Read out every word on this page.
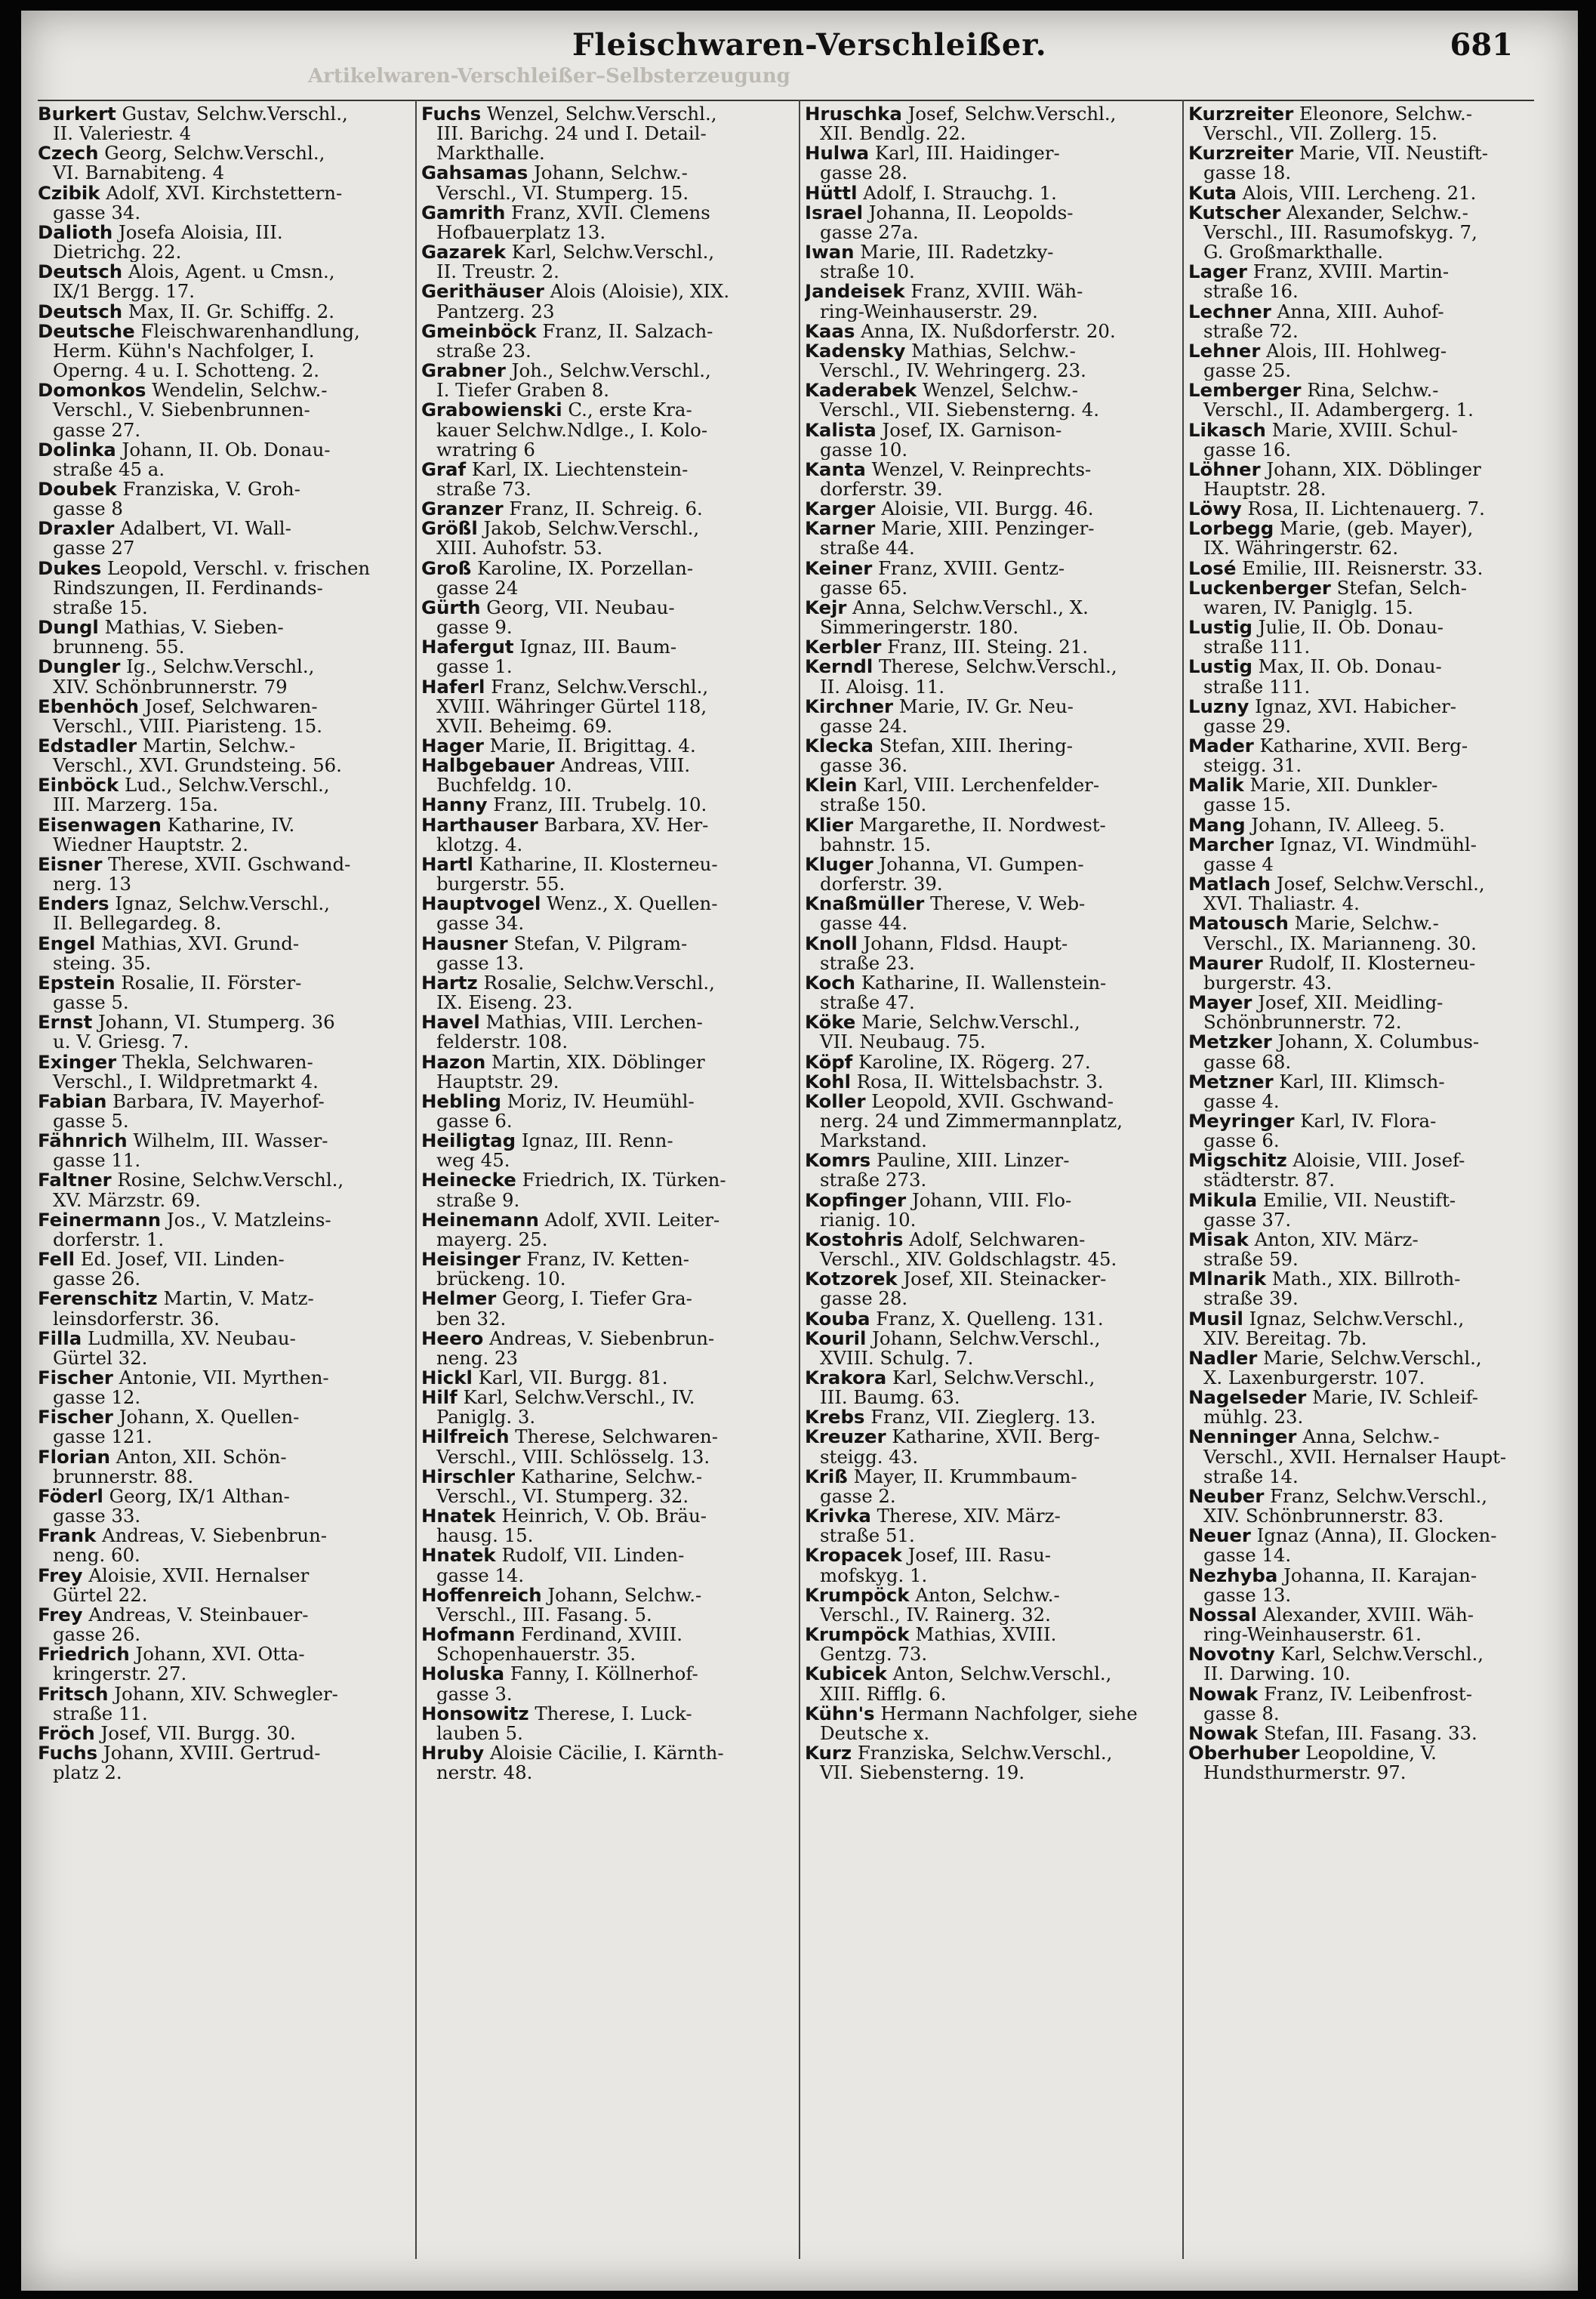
Artikelwaren-Verschleißer–Selbsterzeugung
Fleischwaren-Verschleißer.	681
Burkert Gustav, Selchw.Verschl.,
II. Valeriestr. 4
Czech Georg, Selchw.Verschl.,
VI. Barnabiteng. 4
Czibik Adolf, XVI. Kirchstettern-
gasse 34.
Dalioth Josefa Aloisia, III.
Dietrichg. 22.
Deutsch Alois, Agent. u Cmsn.,
IX/1 Bergg. 17.
Deutsch Max, II. Gr. Schiffg. 2.
Deutsche Fleischwarenhandlung,
Herm. Kühn's Nachfolger, I.
Operng. 4 u. I. Schotteng. 2.
Domonkos Wendelin, Selchw.-
Verschl., V. Siebenbrunnen-
gasse 27.
Dolinka Johann, II. Ob. Donau-
straße 45 a.
Doubek Franziska, V. Groh-
gasse 8
Draxler Adalbert, VI. Wall-
gasse 27
Dukes Leopold, Verschl. v. frischen
Rindszungen, II. Ferdinands-
straße 15.
Dungl Mathias, V. Sieben-
brunneng. 55.
Dungler Ig., Selchw.Verschl.,
XIV. Schönbrunnerstr. 79
Ebenhöch Josef, Selchwaren-
Verschl., VIII. Piaristeng. 15.
Edstadler Martin, Selchw.-
Verschl., XVI. Grundsteing. 56.
Einböck Lud., Selchw.Verschl.,
III. Marzerg. 15a.
Eisenwagen Katharine, IV.
Wiedner Hauptstr. 2.
Eisner Therese, XVII. Gschwand-
nerg. 13
Enders Ignaz, Selchw.Verschl.,
II. Bellegardeg. 8.
Engel Mathias, XVI. Grund-
steing. 35.
Epstein Rosalie, II. Förster-
gasse 5.
Ernst Johann, VI. Stumperg. 36
u. V. Griesg. 7.
Exinger Thekla, Selchwaren-
Verschl., I. Wildpretmarkt 4.
Fabian Barbara, IV. Mayerhof-
gasse 5.
Fähnrich Wilhelm, III. Wasser-
gasse 11.
Faltner Rosine, Selchw.Verschl.,
XV. Märzstr. 69.
Feinermann Jos., V. Matzleins-
dorferstr. 1.
Fell Ed. Josef, VII. Linden-
gasse 26.
Ferenschitz Martin, V. Matz-
leinsdorferstr. 36.
Filla Ludmilla, XV. Neubau-
Gürtel 32.
Fischer Antonie, VII. Myrthen-
gasse 12.
Fischer Johann, X. Quellen-
gasse 121.
Florian Anton, XII. Schön-
brunnerstr. 88.
Föderl Georg, IX/1 Althan-
gasse 33.
Frank Andreas, V. Siebenbrun-
neng. 60.
Frey Aloisie, XVII. Hernalser
Gürtel 22.
Frey Andreas, V. Steinbauer-
gasse 26.
Friedrich Johann, XVI. Otta-
kringerstr. 27.
Fritsch Johann, XIV. Schwegler-
straße 11.
Fröch Josef, VII. Burgg. 30.
Fuchs Johann, XVIII. Gertrud-
platz 2.
Fuchs Wenzel, Selchw.Verschl.,
III. Barichg. 24 und I. Detail-
Markthalle.
Gahsamas Johann, Selchw.-
Verschl., VI. Stumperg. 15.
Gamrith Franz, XVII. Clemens
Hofbauerplatz 13.
Gazarek Karl, Selchw.Verschl.,
II. Treustr. 2.
Gerithäuser Alois (Aloisie), XIX.
Pantzerg. 23
Gmeinböck Franz, II. Salzach-
straße 23.
Grabner Joh., Selchw.Verschl.,
I. Tiefer Graben 8.
Grabowienski C., erste Kra-
kauer Selchw.Ndlge., I. Kolo-
wratring 6
Graf Karl, IX. Liechtenstein-
straße 73.
Granzer Franz, II. Schreig. 6.
Größl Jakob, Selchw.Verschl.,
XIII. Auhofstr. 53.
Groß Karoline, IX. Porzellan-
gasse 24
Gürth Georg, VII. Neubau-
gasse 9.
Hafergut Ignaz, III. Baum-
gasse 1.
Haferl Franz, Selchw.Verschl.,
XVIII. Währinger Gürtel 118,
XVII. Beheimg. 69.
Hager Marie, II. Brigittag. 4.
Halbgebauer Andreas, VIII.
Buchfeldg. 10.
Hanny Franz, III. Trubelg. 10.
Harthauser Barbara, XV. Her-
klotzg. 4.
Hartl Katharine, II. Klosterneu-
burgerstr. 55.
Hauptvogel Wenz., X. Quellen-
gasse 34.
Hausner Stefan, V. Pilgram-
gasse 13.
Hartz Rosalie, Selchw.Verschl.,
IX. Eiseng. 23.
Havel Mathias, VIII. Lerchen-
felderstr. 108.
Hazon Martin, XIX. Döblinger
Hauptstr. 29.
Hebling Moriz, IV. Heumühl-
gasse 6.
Heiligtag Ignaz, III. Renn-
weg 45.
Heinecke Friedrich, IX. Türken-
straße 9.
Heinemann Adolf, XVII. Leiter-
mayerg. 25.
Heisinger Franz, IV. Ketten-
brückeng. 10.
Helmer Georg, I. Tiefer Gra-
ben 32.
Heero Andreas, V. Siebenbrun-
neng. 23
Hickl Karl, VII. Burgg. 81.
Hilf Karl, Selchw.Verschl., IV.
Paniglg. 3.
Hilfreich Therese, Selchwaren-
Verschl., VIII. Schlösselg. 13.
Hirschler Katharine, Selchw.-
Verschl., VI. Stumperg. 32.
Hnatek Heinrich, V. Ob. Bräu-
hausg. 15.
Hnatek Rudolf, VII. Linden-
gasse 14.
Hoffenreich Johann, Selchw.-
Verschl., III. Fasang. 5.
Hofmann Ferdinand, XVIII.
Schopenhauerstr. 35.
Holuska Fanny, I. Köllnerhof-
gasse 3.
Honsowitz Therese, I. Luck-
lauben 5.
Hruby Aloisie Cäcilie, I. Kärnth-
nerstr. 48.
Hruschka Josef, Selchw.Verschl.,
XII. Bendlg. 22.
Hulwa Karl, III. Haidinger-
gasse 28.
Hüttl Adolf, I. Strauchg. 1.
Israel Johanna, II. Leopolds-
gasse 27a.
Iwan Marie, III. Radetzky-
straße 10.
Jandeisek Franz, XVIII. Wäh-
ring-Weinhauserstr. 29.
Kaas Anna, IX. Nußdorferstr. 20.
Kadensky Mathias, Selchw.-
Verschl., IV. Wehringerg. 23.
Kaderabek Wenzel, Selchw.-
Verschl., VII. Siebensterng. 4.
Kalista Josef, IX. Garnison-
gasse 10.
Kanta Wenzel, V. Reinprechts-
dorferstr. 39.
Karger Aloisie, VII. Burgg. 46.
Karner Marie, XIII. Penzinger-
straße 44.
Keiner Franz, XVIII. Gentz-
gasse 65.
Kejr Anna, Selchw.Verschl., X.
Simmeringerstr. 180.
Kerbler Franz, III. Steing. 21.
Kerndl Therese, Selchw.Verschl.,
II. Aloisg. 11.
Kirchner Marie, IV. Gr. Neu-
gasse 24.
Klecka Stefan, XIII. Ihering-
gasse 36.
Klein Karl, VIII. Lerchenfelder-
straße 150.
Klier Margarethe, II. Nordwest-
bahnstr. 15.
Kluger Johanna, VI. Gumpen-
dorferstr. 39.
Knaßmüller Therese, V. Web-
gasse 44.
Knoll Johann, Fldsd. Haupt-
straße 23.
Koch Katharine, II. Wallenstein-
straße 47.
Köke Marie, Selchw.Verschl.,
VII. Neubaug. 75.
Köpf Karoline, IX. Rögerg. 27.
Kohl Rosa, II. Wittelsbachstr. 3.
Koller Leopold, XVII. Gschwand-
nerg. 24 und Zimmermannplatz,
Markstand.
Komrs Pauline, XIII. Linzer-
straße 273.
Kopfinger Johann, VIII. Flo-
rianig. 10.
Kostohris Adolf, Selchwaren-
Verschl., XIV. Goldschlagstr. 45.
Kotzorek Josef, XII. Steinacker-
gasse 28.
Kouba Franz, X. Quelleng. 131.
Kouril Johann, Selchw.Verschl.,
XVIII. Schulg. 7.
Krakora Karl, Selchw.Verschl.,
III. Baumg. 63.
Krebs Franz, VII. Zieglerg. 13.
Kreuzer Katharine, XVII. Berg-
steigg. 43.
Kriß Mayer, II. Krummbaum-
gasse 2.
Krivka Therese, XIV. März-
straße 51.
Kropacek Josef, III. Rasu-
mofskyg. 1.
Krumpöck Anton, Selchw.-
Verschl., IV. Rainerg. 32.
Krumpöck Mathias, XVIII.
Gentzg. 73.
Kubicek Anton, Selchw.Verschl.,
XIII. Rifflg. 6.
Kühn's Hermann Nachfolger, siehe
Deutsche x.
Kurz Franziska, Selchw.Verschl.,
VII. Siebensterng. 19.
Kurzreiter Eleonore, Selchw.-
Verschl., VII. Zollerg. 15.
Kurzreiter Marie, VII. Neustift-
gasse 18.
Kuta Alois, VIII. Lercheng. 21.
Kutscher Alexander, Selchw.-
Verschl., III. Rasumofskyg. 7,
G. Großmarkthalle.
Lager Franz, XVIII. Martin-
straße 16.
Lechner Anna, XIII. Auhof-
straße 72.
Lehner Alois, III. Hohlweg-
gasse 25.
Lemberger Rina, Selchw.-
Verschl., II. Adambergerg. 1.
Likasch Marie, XVIII. Schul-
gasse 16.
Löhner Johann, XIX. Döblinger
Hauptstr. 28.
Löwy Rosa, II. Lichtenauerg. 7.
Lorbegg Marie, (geb. Mayer),
IX. Währingerstr. 62.
Losé Emilie, III. Reisnerstr. 33.
Luckenberger Stefan, Selch-
waren, IV. Paniglg. 15.
Lustig Julie, II. Ob. Donau-
straße 111.
Lustig Max, II. Ob. Donau-
straße 111.
Luzny Ignaz, XVI. Habicher-
gasse 29.
Mader Katharine, XVII. Berg-
steigg. 31.
Malik Marie, XII. Dunkler-
gasse 15.
Mang Johann, IV. Alleeg. 5.
Marcher Ignaz, VI. Windmühl-
gasse 4
Matlach Josef, Selchw.Verschl.,
XVI. Thaliastr. 4.
Matousch Marie, Selchw.-
Verschl., IX. Marianneng. 30.
Maurer Rudolf, II. Klosterneu-
burgerstr. 43.
Mayer Josef, XII. Meidling-
Schönbrunnerstr. 72.
Metzker Johann, X. Columbus-
gasse 68.
Metzner Karl, III. Klimsch-
gasse 4.
Meyringer Karl, IV. Flora-
gasse 6.
Migschitz Aloisie, VIII. Josef-
städterstr. 87.
Mikula Emilie, VII. Neustift-
gasse 37.
Misak Anton, XIV. März-
straße 59.
Mlnarik Math., XIX. Billroth-
straße 39.
Musil Ignaz, Selchw.Verschl.,
XIV. Bereitag. 7b.
Nadler Marie, Selchw.Verschl.,
X. Laxenburgerstr. 107.
Nagelseder Marie, IV. Schleif-
mühlg. 23.
Nenninger Anna, Selchw.-
Verschl., XVII. Hernalser Haupt-
straße 14.
Neuber Franz, Selchw.Verschl.,
XIV. Schönbrunnerstr. 83.
Neuer Ignaz (Anna), II. Glocken-
gasse 14.
Nezhyba Johanna, II. Karajan-
gasse 13.
Nossal Alexander, XVIII. Wäh-
ring-Weinhauserstr. 61.
Novotny Karl, Selchw.Verschl.,
II. Darwing. 10.
Nowak Franz, IV. Leibenfrost-
gasse 8.
Nowak Stefan, III. Fasang. 33.
Oberhuber Leopoldine, V.
Hundsthurmerstr. 97.
